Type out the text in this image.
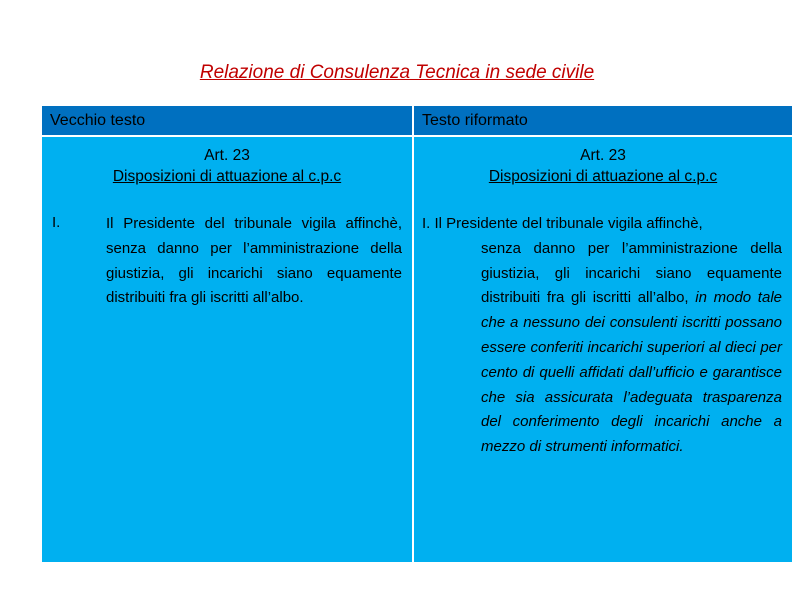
Relazione di Consulenza Tecnica in sede civile
Vecchio testo	Testo riformato
Art. 23
Disposizioni di attuazione al c.p.c
I.	Il Presidente del tribunale vigila affinchè, senza danno per l’amministrazione della giustizia, gli incarichi siano equamente distribuiti fra gli iscritti all’albo.
Art. 23
Disposizioni di attuazione al c.p.c
I. Il Presidente del tribunale vigila affinchè,
senza danno per l’amministrazione della giustizia, gli incarichi siano equamente distribuiti fra gli iscritti all’albo, in modo tale che a nessuno dei consulenti iscritti possano essere conferiti incarichi superiori al dieci per cento di quelli affidati dall’ufficio e garantisce che sia assicurata l’adeguata trasparenza del conferimento degli incarichi anche a mezzo di strumenti informatici.
